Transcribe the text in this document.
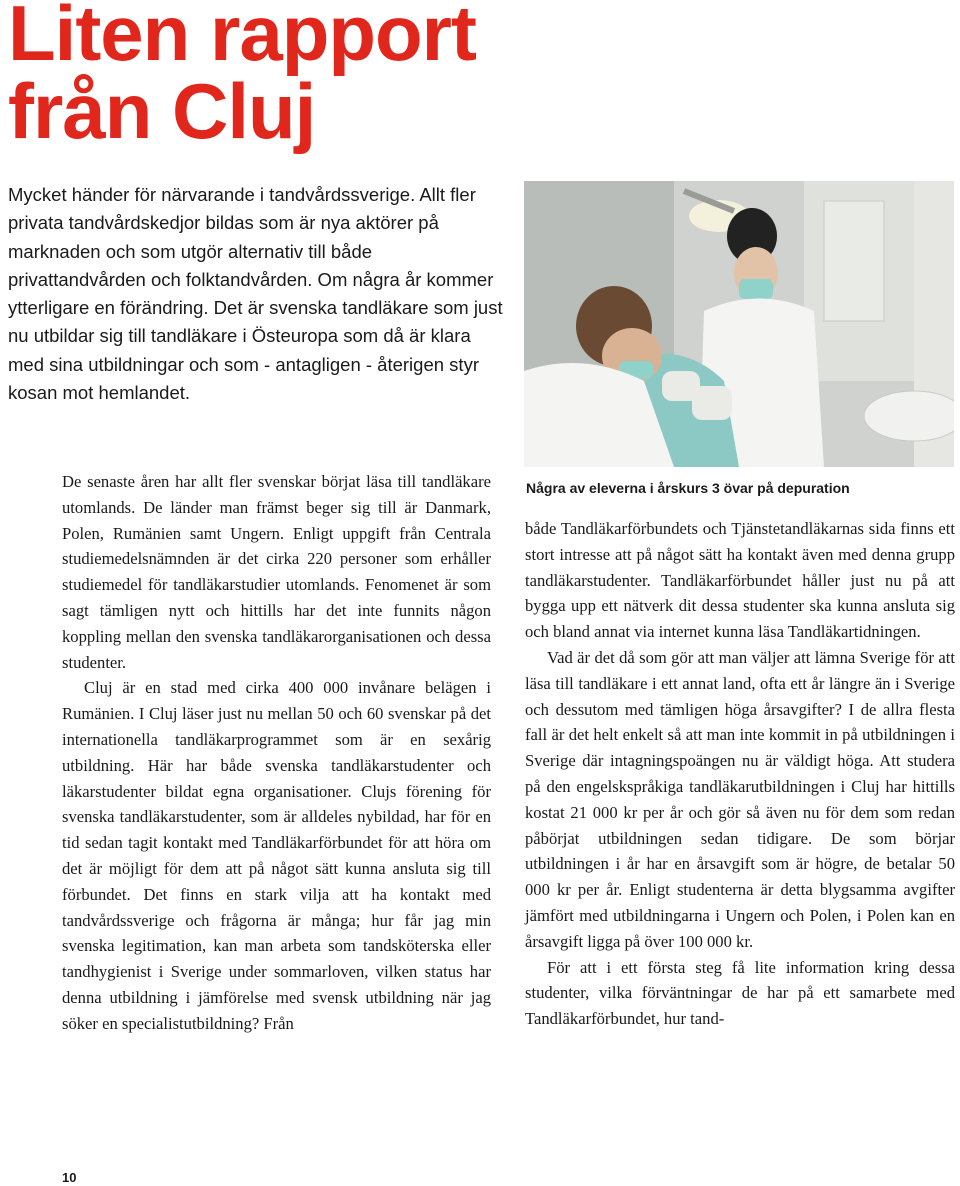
Liten rapport
från Cluj

Mycket händer för närvarande i tandvårdssverige. Allt fler privata tandvårdskedjor bildas som är nya aktörer på marknaden och som utgör alternativ till både privattandvården och folktandvården. Om några år kommer ytterligare en förändring. Det är svenska tandläkare som just nu utbildar sig till tandläkare i Östeuropa som då är klara med sina utbildningar och som - antagligen - återigen styr kosan mot hemlandet.

Några av eleverna i årskurs 3 övar på depuration

De senaste åren har allt fler svenskar börjat läsa till tandläkare utomlands. De länder man främst beger sig till är Danmark, Polen, Rumänien samt Ungern. Enligt uppgift från Centrala studiemedelsnämnden är det cirka 220 personer som erhåller studiemedel för tandläkarstudier utomlands. Fenomenet är som sagt tämligen nytt och hittills har det inte funnits någon koppling mellan den svenska tandläkarorganisationen och dessa studenter.

Cluj är en stad med cirka 400 000 invånare belägen i Rumänien. I Cluj läser just nu mellan 50 och 60 svenskar på det internationella tandläkarprogrammet som är en sexårig utbildning. Här har både svenska tandläkarstudenter och läkarstudenter bildat egna organisationer. Clujs förening för svenska tandläkarstudenter, som är alldeles nybildad, har för en tid sedan tagit kontakt med Tandläkarförbundet för att höra om det är möjligt för dem att på något sätt kunna ansluta sig till förbundet. Det finns en stark vilja att ha kontakt med tandvårdssverige och frågorna är många; hur får jag min svenska legitimation, kan man arbeta som tandsköterska eller tandhygienist i Sverige under sommarloven, vilken status har denna utbildning i jämförelse med svensk utbildning när jag söker en specialistutbildning? Från

både Tandläkarförbundets och Tjänstetandläkarnas sida finns ett stort intresse att på något sätt ha kontakt även med denna grupp tandläkarstudenter. Tandläkarförbundet håller just nu på att bygga upp ett nätverk dit dessa studenter ska kunna ansluta sig och bland annat via internet kunna läsa Tandläkartidningen.

Vad är det då som gör att man väljer att lämna Sverige för att läsa till tandläkare i ett annat land, ofta ett år längre än i Sverige och dessutom med tämligen höga årsavgifter? I de allra flesta fall är det helt enkelt så att man inte kommit in på utbildningen i Sverige där intagningspoängen nu är väldigt höga. Att studera på den engelskspråkiga tandläkarutbildningen i Cluj har hittills kostat 21 000 kr per år och gör så även nu för dem som redan påbörjat utbildningen sedan tidigare. De som börjar utbildningen i år har en årsavgift som är högre, de betalar 50 000 kr per år. Enligt studenterna är detta blygsamma avgifter jämfört med utbildningarna i Ungern och Polen, i Polen kan en årsavgift ligga på över 100 000 kr.

För att i ett första steg få lite information kring dessa studenter, vilka förväntningar de har på ett samarbete med Tandläkarförbundet, hur tand-

10
